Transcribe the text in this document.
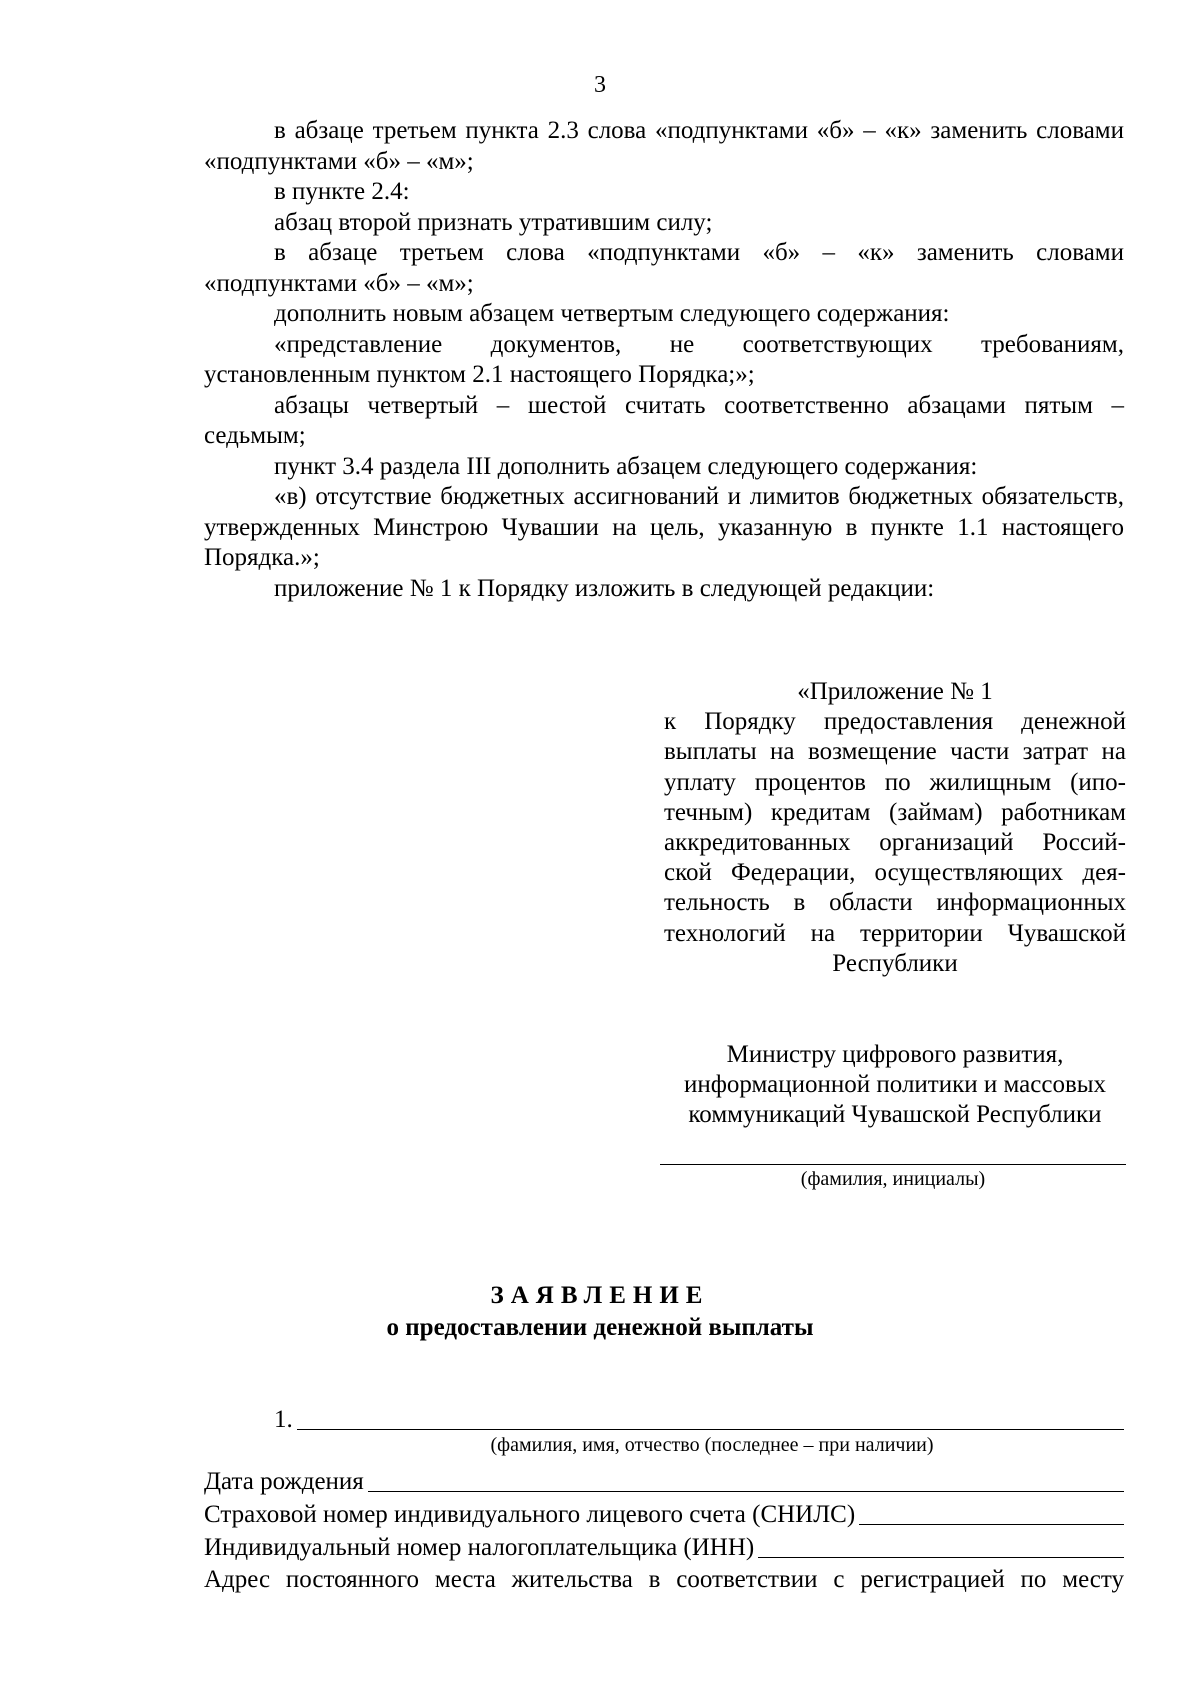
3

в абзаце третьем пункта 2.3 слова «подпунктами «б» – «к» заменить словами «подпунктами «б» – «м»;

в пункте 2.4:

абзац второй признать утратившим силу;

в абзаце третьем слова «подпунктами «б» – «к» заменить словами «подпунктами «б» – «м»;

дополнить новым абзацем четвертым следующего содержания:

«представление документов, не соответствующих требованиям, установленным пунктом 2.1 настоящего Порядка;»;

абзацы четвертый – шестой считать соответственно абзацами пятым – седьмым;

пункт 3.4 раздела III дополнить абзацем следующего содержания:

«в) отсутствие бюджетных ассигнований и лимитов бюджетных обязательств, утвержденных Минстрою Чувашии на цель, указанную в пункте 1.1 настоящего Порядка.»;

приложение № 1 к Порядку изложить в следующей редакции:

«Приложение № 1
к Порядку предоставления денежной
выплаты на возмещение части затрат на
уплату процентов по жилищным (ипо-
течным) кредитам (займам) работникам
аккредитованных организаций Россий-
ской Федерации, осуществляющих дея-
тельность в области информационных
технологий на территории Чувашской
Республики
Министру цифрового развития,
информационной политики и массовых
коммуникаций Чувашской Республики
(фамилия, инициалы)
ЗАЯВЛЕНИЕ
о предоставлении денежной выплаты
1.
(фамилия, имя, отчество (последнее – при наличии)
Дата рождения
Страховой номер индивидуального лицевого счета (СНИЛС)
Индивидуальный номер налогоплательщика (ИНН)
Адрес постоянного места жительства в соответствии с регистрацией по месту
